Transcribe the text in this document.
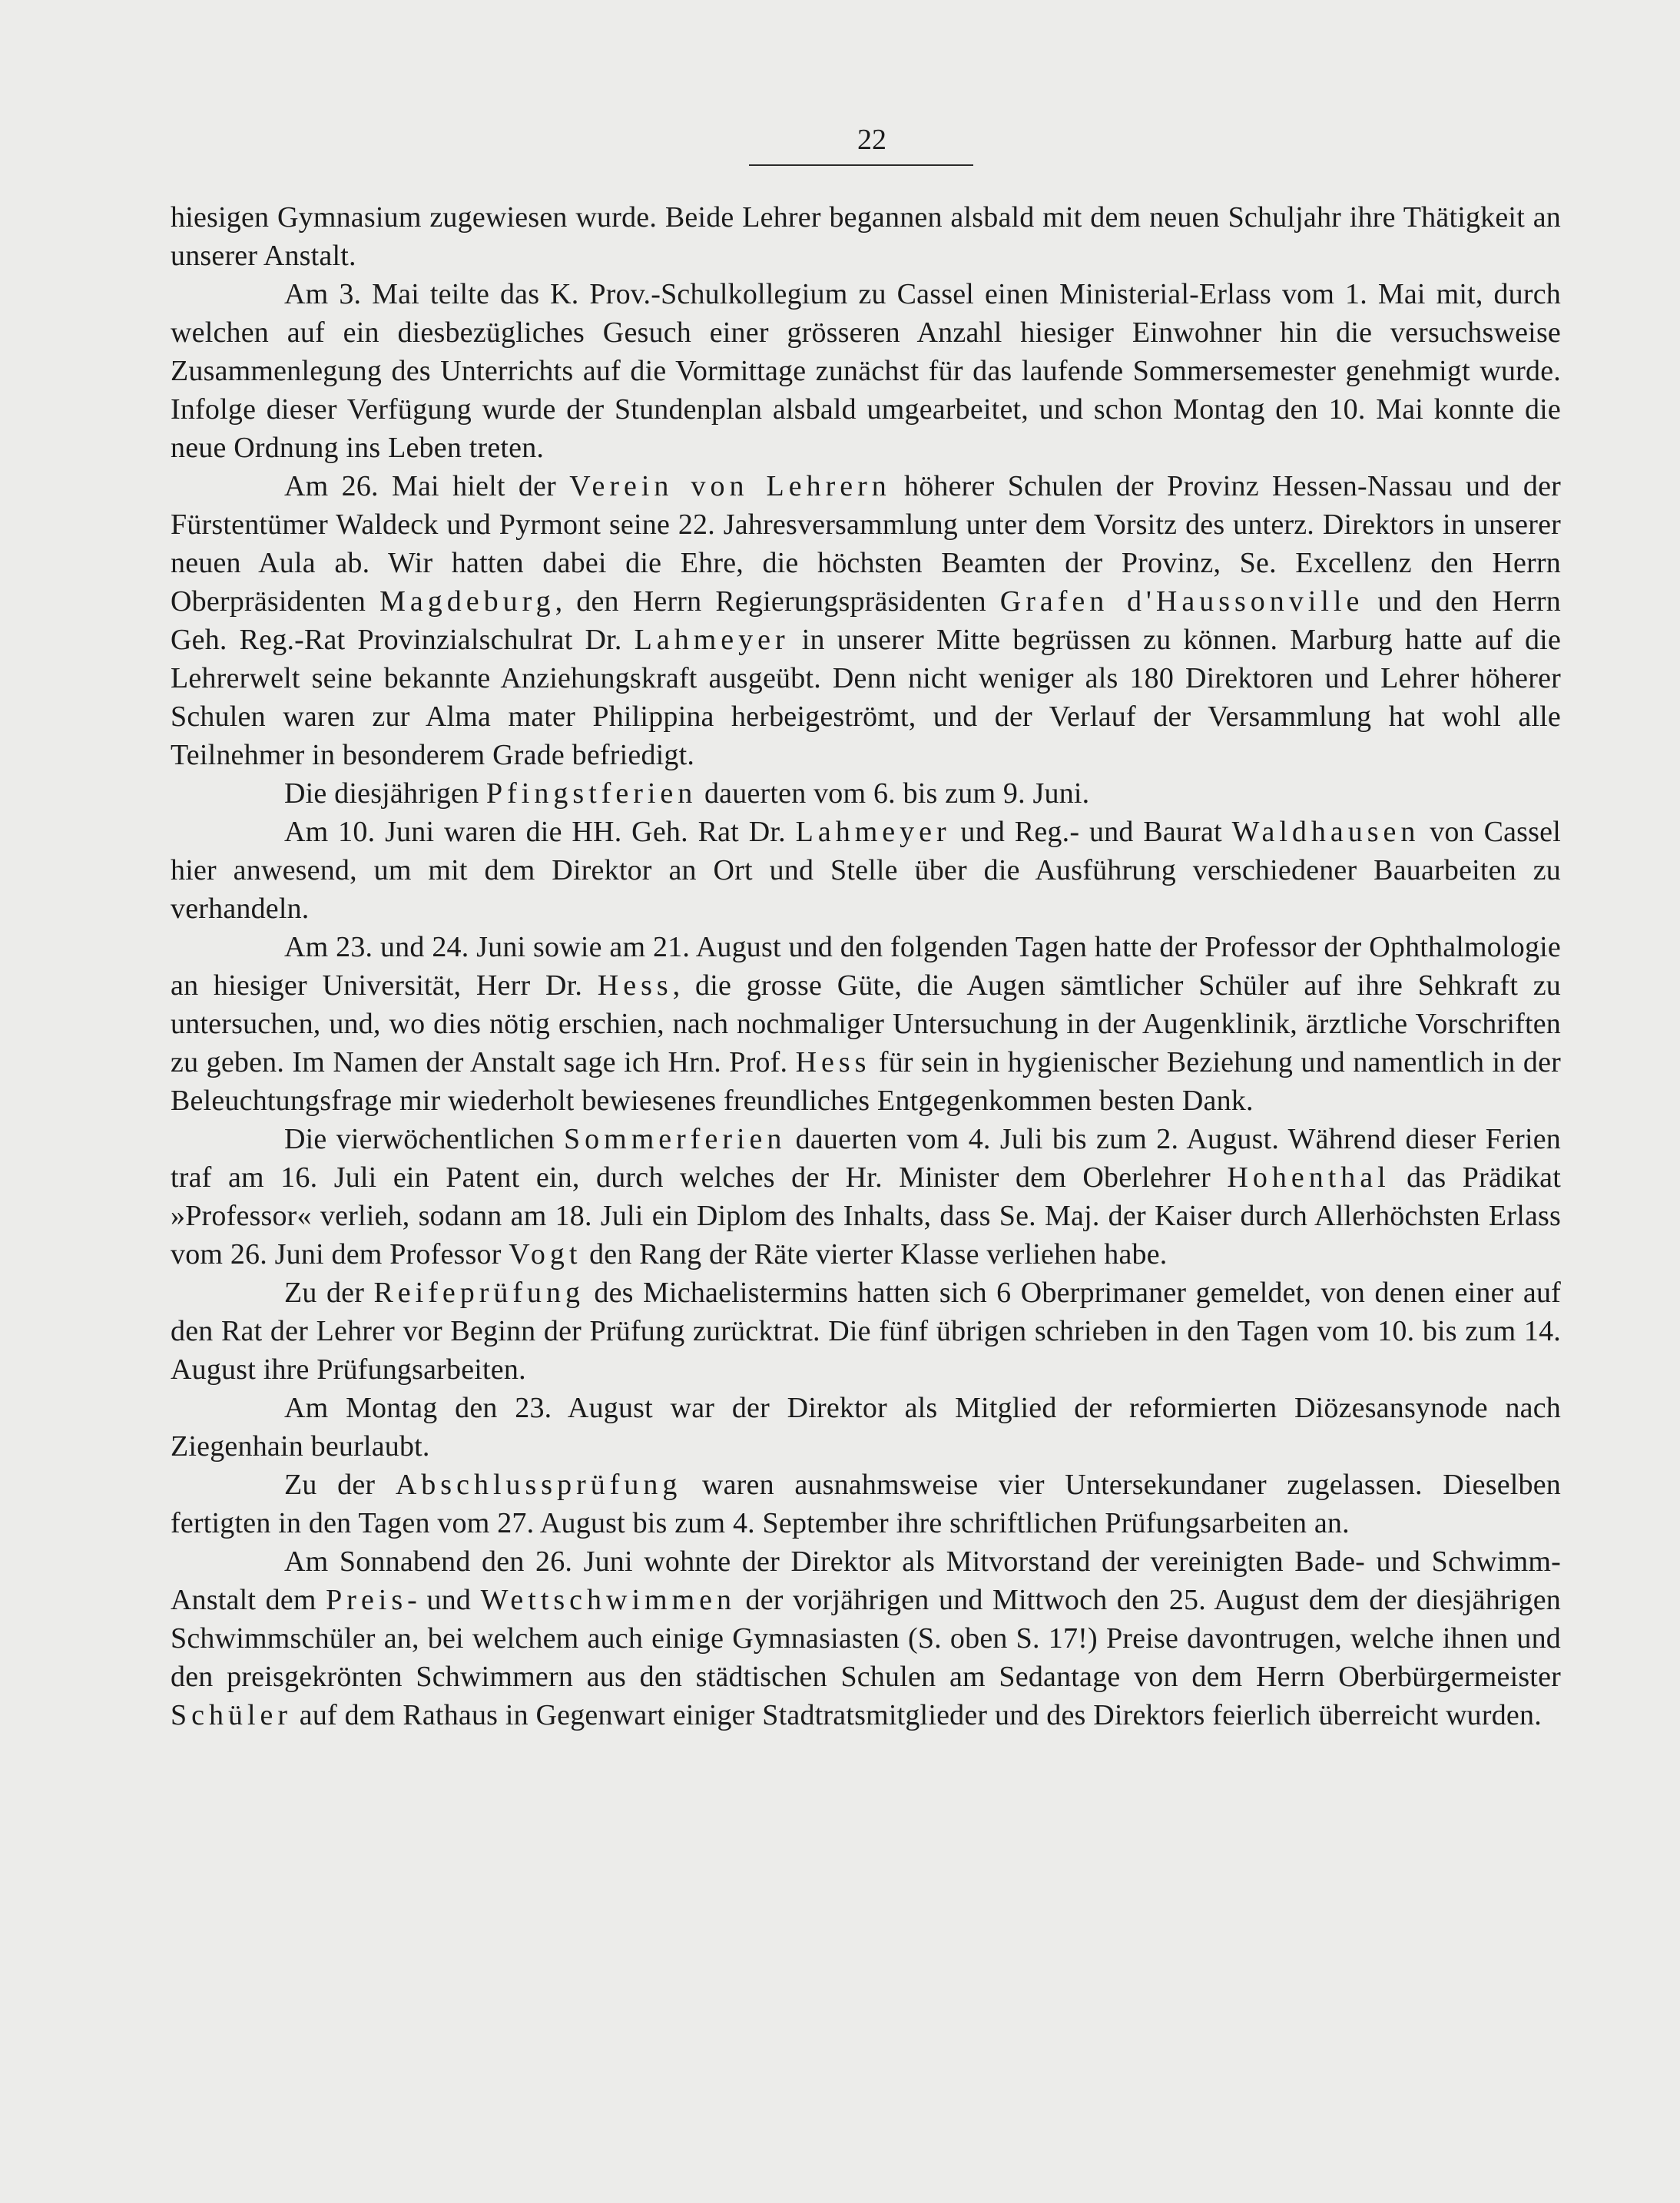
22

hiesigen Gymnasium zugewiesen wurde. Beide Lehrer begannen alsbald mit dem neuen Schuljahr ihre Thätigkeit an unserer Anstalt.

Am 3. Mai teilte das K. Prov.-Schulkollegium zu Cassel einen Ministerial-Erlass vom 1. Mai mit, durch welchen auf ein diesbezügliches Gesuch einer grösseren Anzahl hiesiger Einwohner hin die versuchsweise Zusammenlegung des Unterrichts auf die Vormittage zunächst für das laufende Sommersemester genehmigt wurde. Infolge dieser Verfügung wurde der Stundenplan alsbald umgearbeitet, und schon Montag den 10. Mai konnte die neue Ordnung ins Leben treten.

Am 26. Mai hielt der Verein von Lehrern höherer Schulen der Provinz Hessen-Nassau und der Fürstentümer Waldeck und Pyrmont seine 22. Jahresversammlung unter dem Vorsitz des unterz. Direktors in unserer neuen Aula ab. Wir hatten dabei die Ehre, die höchsten Beamten der Provinz, Se. Excellenz den Herrn Oberpräsidenten Magdeburg, den Herrn Regierungspräsidenten Grafen d'Haussonville und den Herrn Geh. Reg.-Rat Provinzialschulrat Dr. Lahmeyer in unserer Mitte begrüssen zu können. Marburg hatte auf die Lehrerwelt seine bekannte Anziehungskraft ausgeübt. Denn nicht weniger als 180 Direktoren und Lehrer höherer Schulen waren zur Alma mater Philippina herbeigeströmt, und der Verlauf der Versammlung hat wohl alle Teilnehmer in besonderem Grade befriedigt.

Die diesjährigen Pfingstferien dauerten vom 6. bis zum 9. Juni.

Am 10. Juni waren die HH. Geh. Rat Dr. Lahmeyer und Reg.- und Baurat Waldhausen von Cassel hier anwesend, um mit dem Direktor an Ort und Stelle über die Ausführung verschiedener Bauarbeiten zu verhandeln.

Am 23. und 24. Juni sowie am 21. August und den folgenden Tagen hatte der Professor der Ophthalmologie an hiesiger Universität, Herr Dr. Hess, die grosse Güte, die Augen sämtlicher Schüler auf ihre Sehkraft zu untersuchen, und, wo dies nötig erschien, nach nochmaliger Untersuchung in der Augenklinik, ärztliche Vorschriften zu geben. Im Namen der Anstalt sage ich Hrn. Prof. Hess für sein in hygienischer Beziehung und namentlich in der Beleuchtungsfrage mir wiederholt bewiesenes freundliches Entgegenkommen besten Dank.

Die vierwöchentlichen Sommerferien dauerten vom 4. Juli bis zum 2. August. Während dieser Ferien traf am 16. Juli ein Patent ein, durch welches der Hr. Minister dem Oberlehrer Hohenthal das Prädikat »Professor« verlieh, sodann am 18. Juli ein Diplom des Inhalts, dass Se. Maj. der Kaiser durch Allerhöchsten Erlass vom 26. Juni dem Professor Vogt den Rang der Räte vierter Klasse verliehen habe.

Zu der Reifeprüfung des Michaelistermins hatten sich 6 Oberprimaner gemeldet, von denen einer auf den Rat der Lehrer vor Beginn der Prüfung zurücktrat. Die fünf übrigen schrieben in den Tagen vom 10. bis zum 14. August ihre Prüfungsarbeiten.

Am Montag den 23. August war der Direktor als Mitglied der reformierten Diözesansynode nach Ziegenhain beurlaubt.

Zu der Abschlussprüfung waren ausnahmsweise vier Untersekundaner zugelassen. Dieselben fertigten in den Tagen vom 27. August bis zum 4. September ihre schriftlichen Prüfungsarbeiten an.

Am Sonnabend den 26. Juni wohnte der Direktor als Mitvorstand der vereinigten Bade- und Schwimm-Anstalt dem Preis- und Wettschwimmen der vorjährigen und Mittwoch den 25. August dem der diesjährigen Schwimmschüler an, bei welchem auch einige Gymnasiasten (S. oben S. 17!) Preise davontrugen, welche ihnen und den preisgekrönten Schwimmern aus den städtischen Schulen am Sedantage von dem Herrn Oberbürgermeister Schüler auf dem Rathaus in Gegenwart einiger Stadtratsmitglieder und des Direktors feierlich überreicht wurden.
